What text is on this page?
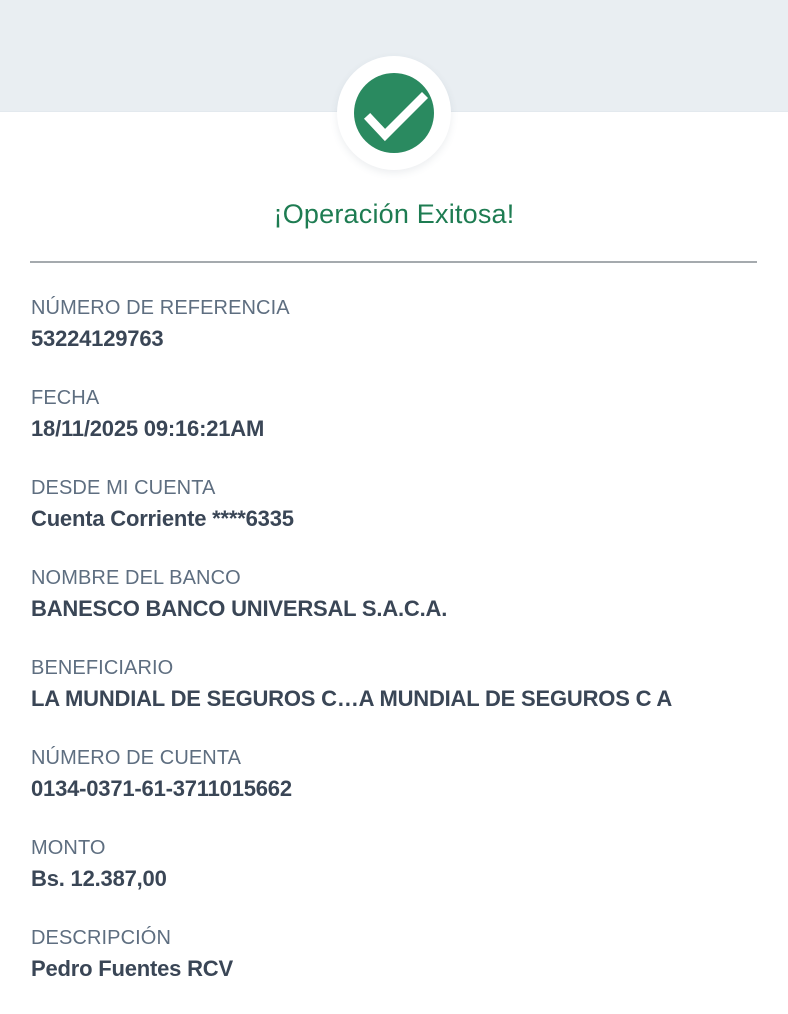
¡Operación Exitosa!
NÚMERO DE REFERENCIA
53224129763
FECHA
18/11/2025 09:16:21AM
DESDE MI CUENTA
Cuenta Corriente ****6335
NOMBRE DEL BANCO
BANESCO BANCO UNIVERSAL S.A.C.A.
BENEFICIARIO
LA MUNDIAL DE SEGUROS C…A MUNDIAL DE SEGUROS C A
NÚMERO DE CUENTA
0134-0371-61-3711015662
MONTO
Bs. 12.387,00
DESCRIPCIÓN
Pedro Fuentes RCV
